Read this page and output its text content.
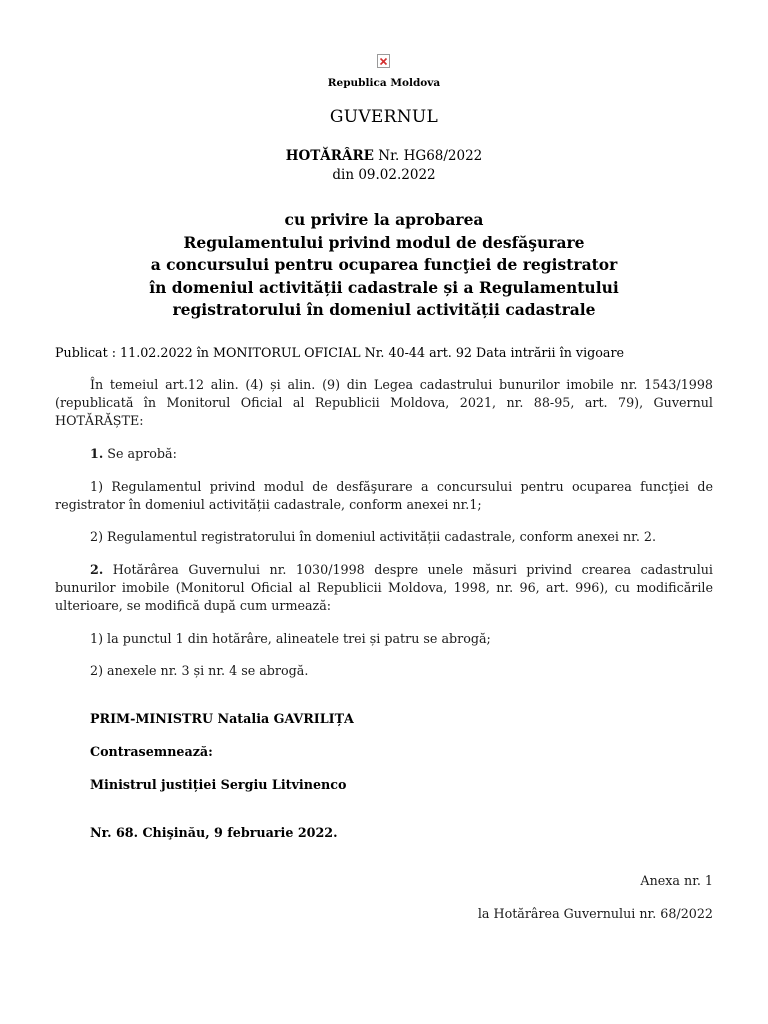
Republica Moldova
GUVERNUL
HOTĂRÂRE Nr. HG68/2022
din 09.02.2022
cu privire la aprobarea
Regulamentului privind modul de desfăşurare
a concursului pentru ocuparea funcţiei de registrator
în domeniul activității cadastrale și a Regulamentului
registratorului în domeniul activității cadastrale
Publicat : 11.02.2022 în MONITORUL OFICIAL Nr. 40-44 art. 92 Data intrării în vigoare
În temeiul art.12 alin. (4) și alin. (9) din Legea cadastrului bunurilor imobile nr. 1543/1998 (republicată în Monitorul Oficial al Republicii Moldova, 2021, nr. 88-95, art. 79), Guvernul HOTĂRĂȘTE:
1. Se aprobă:
1) Regulamentul privind modul de desfăşurare a concursului pentru ocuparea funcţiei de registrator în domeniul activității cadastrale, conform anexei nr.1;
2) Regulamentul registratorului în domeniul activității cadastrale, conform anexei nr. 2.
2. Hotărârea Guvernului nr. 1030/1998 despre unele măsuri privind crearea cadastrului bunurilor imobile (Monitorul Oficial al Republicii Moldova, 1998, nr. 96, art. 996), cu modificările ulterioare, se modifică după cum urmează:
1) la punctul 1 din hotărâre, alineatele trei și patru se abrogă;
2) anexele nr. 3 și nr. 4 se abrogă.
PRIM-MINISTRU Natalia GAVRILIȚA
Contrasemnează:
Ministrul justiției Sergiu Litvinenco
Nr. 68. Chişinău, 9 februarie 2022.
Anexa nr. 1
la Hotărârea Guvernului nr. 68/2022
